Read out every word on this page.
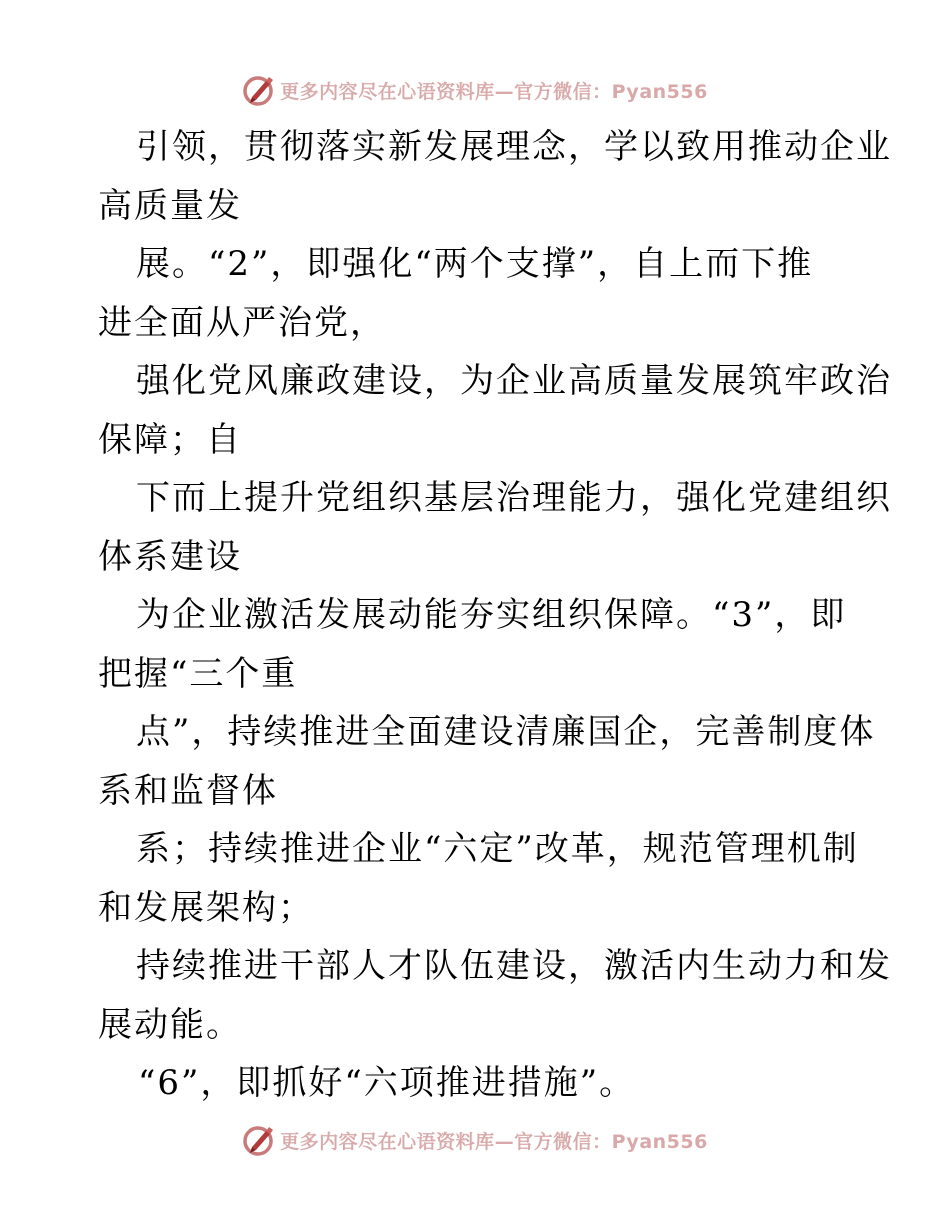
更多内容尽在心语资料库—官方微信：Pyan556
引领，贯彻落实新发展理念，学以致用推动企业
高质量发
展。“2”，即强化“两个支撑”，自上而下推
进全面从严治党，
强化党风廉政建设，为企业高质量发展筑牢政治
保障；自
下而上提升党组织基层治理能力，强化党建组织
体系建设
为企业激活发展动能夯实组织保障。“3”，即
把握“三个重
点”，持续推进全面建设清廉国企，完善制度体
系和监督体
系；持续推进企业“六定”改革，规范管理机制
和发展架构；
持续推进干部人才队伍建设，激活内生动力和发
展动能。
“6”，即抓好“六项推进措施”。
更多内容尽在心语资料库—官方微信：Pyan556
